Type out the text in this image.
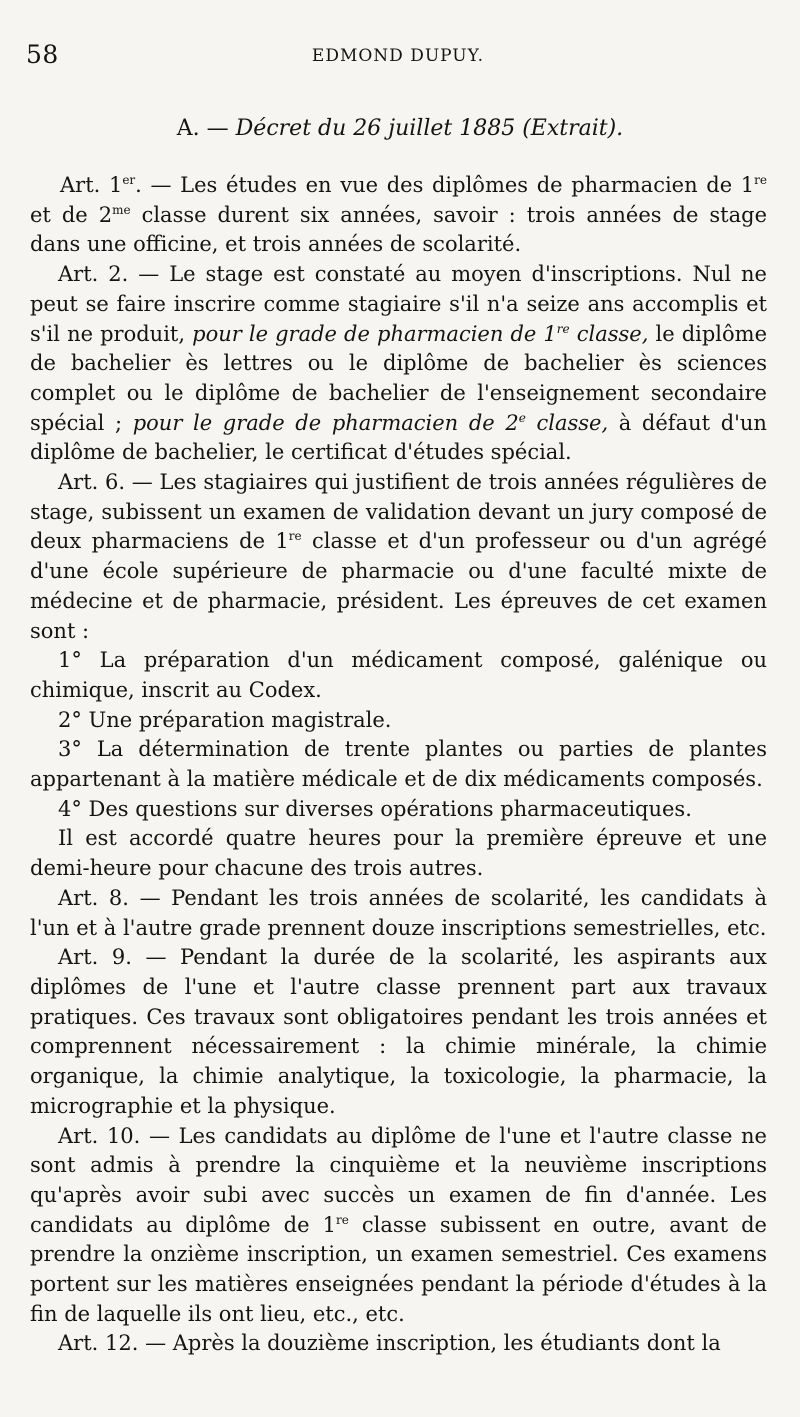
58	EDMOND DUPUY.
A. — Décret du 26 juillet 1885 (Extrait).

Art. 1er. — Les études en vue des diplômes de pharmacien de 1re et de $2^{me}$ classe durent six années, savoir : trois années de stage dans une officine, et trois années de scolarité.

Art. 2. — Le stage est constaté au moyen d'inscriptions. Nul ne peut se faire inscrire comme stagiaire s'il n'a seize ans accomplis et s'il ne produit, pour le grade de pharmacien de 1re classe, le diplôme de bachelier ès lettres ou le diplôme de bachelier ès sciences complet ou le diplôme de bachelier de l'enseignement secondaire spécial ; pour le grade de pharmacien de 2e classe, à défaut d'un diplôme de bachelier, le certificat d'études spécial.

Art. 6. — Les stagiaires qui justifient de trois années régulières de stage, subissent un examen de validation devant un jury composé de deux pharmaciens de 1re classe et d'un professeur ou d'un agrégé d'une école supérieure de pharmacie ou d'une faculté mixte de médecine et de pharmacie, président. Les épreuves de cet examen sont :

1° La préparation d'un médicament composé, galénique ou chimique, inscrit au Codex.

2° Une préparation magistrale.

3° La détermination de trente plantes ou parties de plantes appartenant à la matière médicale et de dix médicaments composés.

4° Des questions sur diverses opérations pharmaceutiques.

Il est accordé quatre heures pour la première épreuve et une demi-heure pour chacune des trois autres.

Art. 8. — Pendant les trois années de scolarité, les candidats à l'un et à l'autre grade prennent douze inscriptions semestrielles, etc.

Art. 9. — Pendant la durée de la scolarité, les aspirants aux diplômes de l'une et l'autre classe prennent part aux travaux pratiques. Ces travaux sont obligatoires pendant les trois années et comprennent nécessairement : la chimie minérale, la chimie organique, la chimie analytique, la toxicologie, la pharmacie, la micrographie et la physique.

Art. 10. — Les candidats au diplôme de l'une et l'autre classe ne sont admis à prendre la cinquième et la neuvième inscriptions qu'après avoir subi avec succès un examen de fin d'année. Les candidats au diplôme de 1re classe subissent en outre, avant de prendre la onzième inscription, un examen semestriel. Ces examens portent sur les matières enseignées pendant la période d'études à la fin de laquelle ils ont lieu, etc., etc.

Art. 12. — Après la douzième inscription, les étudiants dont la
